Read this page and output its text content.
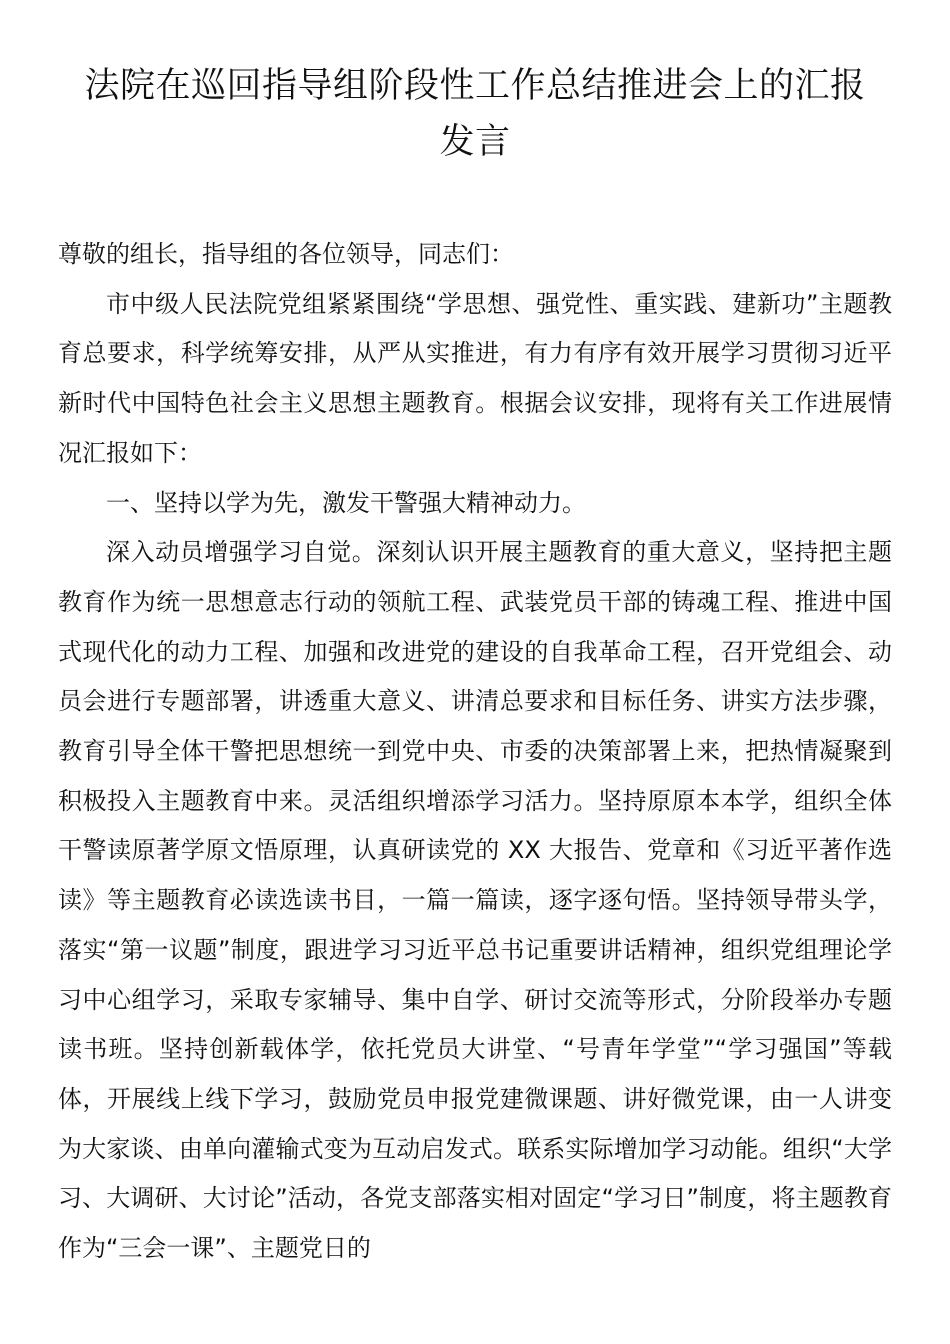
法院在巡回指导组阶段性工作总结推进会上的汇报发言

尊敬的组长，指导组的各位领导，同志们：

市中级人民法院党组紧紧围绕“学思想、强党性、重实践、建新功”主题教育总要求，科学统筹安排，从严从实推进，有力有序有效开展学习贯彻习近平新时代中国特色社会主义思想主题教育。根据会议安排，现将有关工作进展情况汇报如下：

一、坚持以学为先，激发干警强大精神动力。

深入动员增强学习自觉。深刻认识开展主题教育的重大意义，坚持把主题教育作为统一思想意志行动的领航工程、武装党员干部的铸魂工程、推进中国式现代化的动力工程、加强和改进党的建设的自我革命工程，召开党组会、动员会进行专题部署，讲透重大意义、讲清总要求和目标任务、讲实方法步骤，教育引导全体干警把思想统一到党中央、市委的决策部署上来，把热情凝聚到积极投入主题教育中来。灵活组织增添学习活力。坚持原原本本学，组织全体干警读原著学原文悟原理，认真研读党的 XX 大报告、党章和《习近平著作选读》等主题教育必读选读书目，一篇一篇读，逐字逐句悟。坚持领导带头学，落实“第一议题”制度，跟进学习习近平总书记重要讲话精神，组织党组理论学习中心组学习，采取专家辅导、集中自学、研讨交流等形式，分阶段举办专题读书班。坚持创新载体学，依托党员大讲堂、“号青年学堂”“学习强国”等载体，开展线上线下学习，鼓励党员申报党建微课题、讲好微党课，由一人讲变为大家谈、由单向灌输式变为互动启发式。联系实际增加学习动能。组织“大学习、大调研、大讨论”活动，各党支部落实相对固定“学习日”制度，将主题教育作为“三会一课”、主题党日的
